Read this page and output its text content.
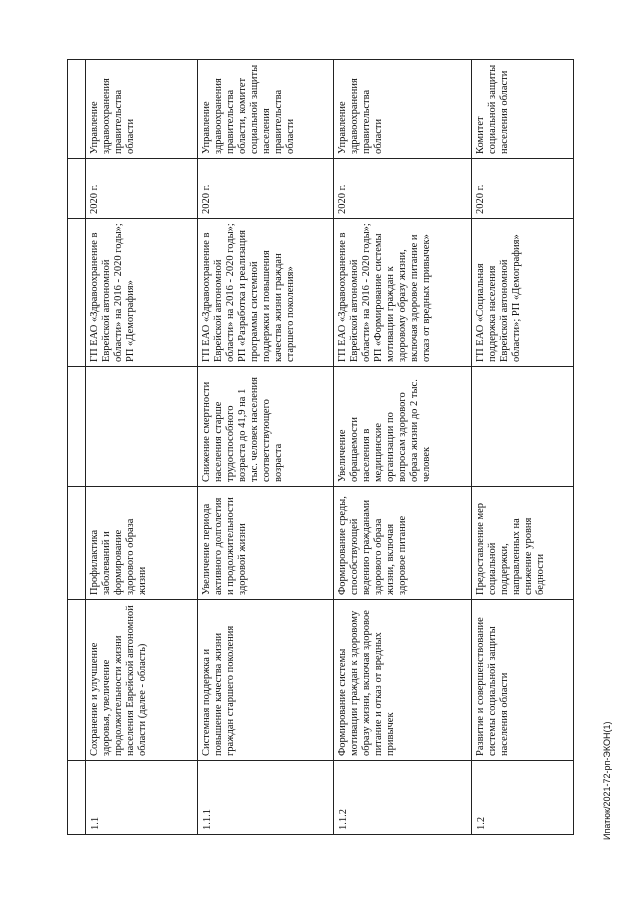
1.1	Сохранение и улучшение здоровья, увеличение продолжительности жизни населения Еврейской автономной области (далее - область)	Профилактика заболеваний и формирование здорового образа жизни		ГП ЕАО «Здравоохранение в Еврейской автономной области» на 2016 - 2020 годы»; РП «Демография»	2020 г.	Управление здравоохранения правительства области
1.1.1	Системная поддержка и повышение качества жизни граждан старшего поколения	Увеличение периода активного долголетия и продолжительности здоровой жизни	Снижение смертности населения старше трудоспособного возраста до 41,9 на 1 тыс. человек населения соответствующего возраста	ГП ЕАО «Здравоохранение в Еврейской автономной области» на 2016 - 2020 годы»; РП «Разработка и реализация программы системной поддержки и повышения качества жизни граждан старшего поколения»	2020 г.	Управление здравоохранения правительства области, комитет социальной защиты населения правительства области
1.1.2	Формирование системы мотивации граждан к здоровому образу жизни, включая здоровое питание и отказ от вредных привычек	Формирование среды, способствующей ведению гражданами здорового образа жизни, включая здоровое питание	Увеличение обращаемости населения в медицинские организации по вопросам здорового образа жизни до 2 тыс. человек	ГП ЕАО «Здравоохранение в Еврейской автономной области» на 2016 - 2020 годы»; РП «Формирование системы мотивации граждан к здоровому образу жизни, включая здоровое питание и отказ от вредных привычек»	2020 г.	Управление здравоохранения правительства области
1.2	Развитие и совершенствование системы социальной защиты населения области	Предоставление мер социальной поддержки, направленных на снижение уровня бедности		ГП ЕАО «Социальная поддержка населения Еврейской автономной области»; РП «Демография»	2020 г.	Комитет социальной защиты населения области
Ипатюк/2021-72-рп-ЭКОН(1)
